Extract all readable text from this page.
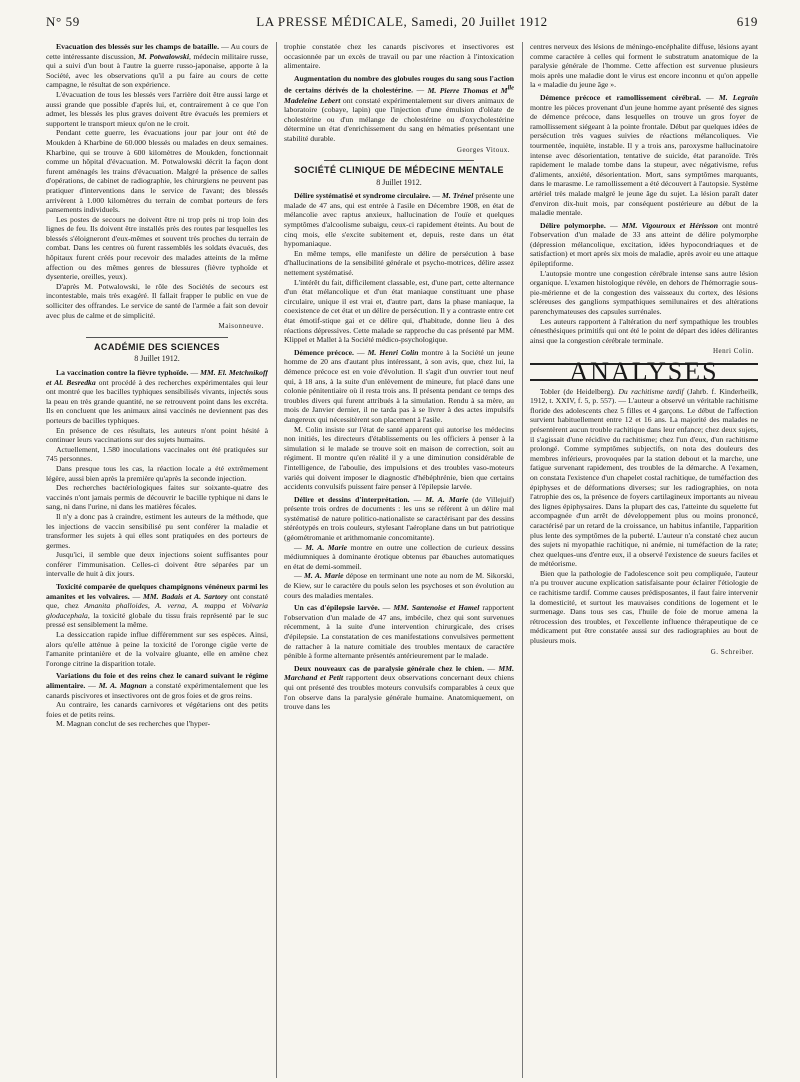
N° 59	LA PRESSE MÉDICALE, Samedi, 20 Juillet 1912	619

Evacuation des blessés sur les champs de bataille. — Au cours de cette intéressante discussion, M. Potwalowski, médecin militaire russe, qui a suivi d'un bout à l'autre la guerre russo-japonaise, apporte à la Société, avec les observations qu'il a pu faire au cours de cette campagne, le résultat de son expérience.

L'évacuation de tous les blessés vers l'arrière doit être aussi large et aussi grande que possible d'après lui, et, contrairement à ce que l'on admet, les blessés les plus graves doivent être évacués les premiers et supportent le transport mieux qu'on ne le croit.

Pendant cette guerre, les évacuations jour par jour ont été de Moukden à Kharbine de 60.000 blessés ou malades en deux semaines. Kharbine, qui se trouve à 600 kilomètres de Moukden, fonctionnait comme un hôpital d'évacuation. M. Potwalowski décrit la façon dont furent aménagés les trains d'évacuation. Malgré la présence de salles d'opérations, de cabinet de radiographie, les chirurgiens ne peuvent pas pratiquer d'interventions dans le service de l'avant; des blessés arrivèrent à 1.000 kilomètres du terrain de combat porteurs de fers pansements individuels.

Les postes de secours ne doivent être ni trop près ni trop loin des lignes de feu. Ils doivent être installés près des routes par lesquelles les blessés s'éloigneront d'eux-mêmes et souvent très proches du terrain de combat. Dans les centres où furent rassemblés les soldats évacués, des hôpitaux furent créés pour recevoir des malades atteints de la même affection ou des mêmes genres de blessures (fièvre typhoïde et dysenterie, oreilles, yeux).

D'après M. Potwalowski, le rôle des Sociétés de secours est incontestable, mais très exagéré. Il fallait frapper le public en vue de solliciter des offrandes. Le service de santé de l'armée a fait son devoir avec plus de calme et de simplicité.

Maisonneuve.

ACADÉMIE DES SCIENCES

8 Juillet 1912.

La vaccination contre la fièvre typhoïde. — MM. El. Metchnikoff et Al. Besredka ont procédé à des recherches expérimentales qui leur ont montré que les bacilles typhiques sensibilisés vivants, injectés sous la peau en très grande quantité, ne se retrouvent point dans les excréta. Ils en concluent que les animaux ainsi vaccinés ne deviennent pas des porteurs de bacilles typhiques.

En présence de ces résultats, les auteurs n'ont point hésité à continuer leurs vaccinations sur des sujets humains.

Actuellement, 1.580 inoculations vaccinales ont été pratiquées sur 745 personnes.

Dans presque tous les cas, la réaction locale a été extrêmement légère, aussi bien après la première qu'après la seconde injection.

Des recherches bactériologiques faites sur soixante-quatre des vaccinés n'ont jamais permis de découvrir le bacille typhique ni dans le sang, ni dans l'urine, ni dans les matières fécales.

Il n'y a donc pas à craindre, estiment les auteurs de la méthode, que les injections de vaccin sensibilisé pu sent conférer la maladie et transformer les sujets à qui elles sont pratiquées en des porteurs de germes.

Jusqu'ici, il semble que deux injections soient suffisantes pour conférer l'immunisation. Celles-ci doivent être séparées par un intervalle de huit à dix jours.

Toxicité comparée de quelques champignons vénéneux parmi les amanites et les volvaires. — MM. Badais et A. Sartory ont constaté que, chez Amanita phalloides, A. verna, A. mappa et Volvaria glodacephala, la toxicité globale du tissu frais représenté par le suc pressé est sensiblement la même.

La dessiccation rapide influe différemment sur ses espèces. Ainsi, alors qu'elle atténue à peine la toxicité de l'oronge cigüe verte de l'amanite printanière et de la volvaire gluante, elle en amène chez l'oronge citrine la disparition totale.

Variations du foie et des reins chez le canard suivant le régime alimentaire. — M. A. Magnan a constaté expérimentalement que les canards piscivores et insectivores ont de gros foies et de gros reins.

Au contraire, les canards carnivores et végétariens ont des petits foies et de petits reins.

M. Magnan conclut de ses recherches que l'hyper-

trophie constatée chez les canards piscivores et insectivores est occasionnée par un excès de travail ou par une réaction à l'intoxication alimentaire.

Augmentation du nombre des globules rouges du sang sous l'action de certains dérivés de la cholestérine. — M. Pierre Thomas et $M^{lle}$ Madeleine Lebert ont constaté expérimentalement sur divers animaux de laboratoire (cobaye, lapin) que l'injection d'une émulsion d'oléate de cholestérine ou d'un mélange de cholestérine ou d'oxycholestérine détermine un état d'enrichissement du sang en hématies présentant une stabilité durable.

Georges Vitoux.

SOCIÉTÉ CLINIQUE DE MÉDECINE MENTALE

8 Juillet 1912.

Délire systématisé et syndrome circulaire. — M. Trénel présente une malade de 47 ans, qui est entrée à l'asile en Décembre 1908, en état de mélancolie avec raptus anxieux, hallucination de l'ouïe et quelques symptômes d'alcoolisme subaigu, ceux-ci rapidement éteints. Au bout de cinq mois, elle s'excite subitement et, depuis, reste dans un état hypomaniaque.

En même temps, elle manifeste un délire de persécution à base d'hallucinations de la sensibilité générale et psycho-motrices, délire assez nettement systématisé.

L'intérêt du fait, difficilement classable, est, d'une part, cette alternance d'un état mélancolique et d'un état maniaque constituant une phase circulaire, unique il est vrai et, d'autre part, dans la phase maniaque, la coexistence de cet état et un délire de persécution. Il y a contraste entre cet état émotif-stique gai et ce délire qui, d'habitude, donne lieu à des réactions dépressives. Cette malade se rapproche du cas présenté par MM. Klippel et Mallet à la Société médico-psychologique.

Démence précoce. — M. Henri Colin montre à la Société un jeune homme de 20 ans d'autant plus intéressant, à son avis, que, chez lui, la démence précoce est en voie d'évolution. Il s'agit d'un ouvrier tout neuf qui, à 18 ans, à la suite d'un enlèvement de mineure, fut placé dans une colonie pénitentiaire où il resta trois ans. Il présenta pendant ce temps des troubles divers qui furent attribués à la simulation. Rendu à sa mère, au mois de Janvier dernier, il ne tarda pas à se livrer à des actes impulsifs dangereux qui nécessitèrent son placement à l'asile.

M. Colin insiste sur l'état de santé apparent qui autorise les médecins non initiés, les directeurs d'établissements ou les officiers à penser à la simulation si le malade se trouve soit en maison de correction, soit au régiment. Il montre qu'en réalité il y a une diminution considérable de l'intelligence, de l'aboulie, des impulsions et des troubles vaso-moteurs variés qui doivent imposer le diagnostic d'hébéphrénie, bien que certains accidents convulsifs puissent faire penser à l'épilepsie larvée.

Délire et dessins d'interprétation. — M. A. Marie (de Villejuif) présente trois ordres de documents : les uns se réfèrent à un délire mal systématisé de nature politico-nationaliste se caractérisant par des dessins stéréotypés en trois couleurs, stylesant l'aéroplane dans un but patriotique (géométromanie et arithmomanie concomitante).

— M. A. Marie montre en outre une collection de curieux dessins médiumniques à dominante érotique obtenus par ébauches automatiques en état de demi-sommeil.

— M. A. Marie dépose en terminant une note au nom de M. Sikorski, de Kiew, sur le caractère du pouls selon les psychoses et son évolution au cours des maladies mentales.

Un cas d'épilepsie larvée. — MM. Santenoise et Hamel rapportent l'observation d'un malade de 47 ans, imbécile, chez qui sont survenues récemment, à la suite d'une intervention chirurgicale, des crises d'épilepsie. La constatation de ces manifestations convulsives permettent de rattacher à la nature comitiale des troubles mentaux de caractère pénible à forme alternante présentés antérieurement par le malade.

Deux nouveaux cas de paralysie générale chez le chien. — MM. Marchand et Petit rapportent deux observations concernant deux chiens qui ont présenté des troubles moteurs convulsifs comparables à ceux que l'on observe dans la paralysie générale humaine. Anatomiquement, on trouve dans les

centres nerveux des lésions de méningo-encéphalite diffuse, lésions ayant comme caractère à celles qui forment le substratum anatomique de la paralysie générale de l'homme. Cette affection est survenue plusieurs mois après une maladie dont le virus est encore inconnu et qu'on appelle la « maladie du jeune âge ».

Démence précoce et ramollissement cérébral. — M. Legrain montre les pièces provenant d'un jeune homme ayant présenté des signes de démence précoce, dans lesquelles on trouve un gros foyer de ramollissement siégeant à la pointe frontale. Début par quelques idées de persécution très vagues suivies de réactions mélancoliques. Vie tourmentée, inquiète, instable. Il y a trois ans, paroxysme hallucinatoire intense avec désorientation, tentative de suicide, état paranoïde. Très rapidement le malade tombe dans la stupeur, avec négativisme, refus d'aliments, anxiété, désorientation. Mort, sans symptômes marquants, dans le marasme. Le ramollissement a été découvert à l'autopsie. Système artériel très malade malgré le jeune âge du sujet. La lésion paraît dater d'environ dix-huit mois, par conséquent postérieure au début de la maladie mentale.

Délire polymorphe. — MM. Vigouroux et Hérisson ont montré l'observation d'un malade de 33 ans atteint de délire polymorphe (dépression mélancolique, excitation, idées hypocondriaques et de satisfaction) et mort après six mois de maladie, après avoir eu une attaque épileptiforme.

L'autopsie montre une congestion cérébrale intense sans autre lésion organique. L'examen histologique révèle, en dehors de l'hémorragie sous-pie-mérienne et de la congestion des vaisseaux du cortex, des lésions scléreuses des ganglions sympathiques semilunaires et des altérations parenchymateuses des capsules surrénales.

Les auteurs rapportent à l'altération du nerf sympathique les troubles cénesthésiques primitifs qui ont été le point de départ des idées délirantes ainsi que la congestion cérébrale terminale.

Henri Colin.

ANALYSES

Tobler (de Heidelberg). Du rachitisme tardif (Jahrb. f. Kinderheilk, 1912, t. XXIV, f. 5, p. 557). — L'auteur a observé un véritable rachitisme floride des adolescents chez 5 filles et 4 garçons. Le début de l'affection survient habituellement entre 12 et 16 ans. La majorité des malades ne présentèrent aucun trouble rachitique dans leur enfance; chez deux sujets, il s'agissait d'une récidive du rachitisme; chez l'un d'eux, d'un rachitisme prolongé. Comme symptômes subjectifs, on nota des douleurs des membres inférieurs, provoquées par la station debout et la marche, une fatigue survenant rapidement, des troubles de la démarche. A l'examen, on constata l'existence d'un chapelet costal rachitique, de tuméfaction des épiphyses et de déformations diverses; sur les radiographies, on nota l'atrophie des os, la présence de foyers cartilagineux importants au niveau des lignes épiphysaires. Dans la plupart des cas, l'atteinte du squelette fut accompagnée d'un arrêt de développement plus ou moins prononcé, caractérisé par un retard de la croissance, un habitus infantile, l'apparition plus lente des symptômes de la puberté. L'auteur n'a constaté chez aucun des sujets ni myopathie rachitique, ni anémie, ni tuméfaction de la rate; chez quelques-uns d'entre eux, il a observé l'existence de sueurs faciles et de météorisme.

Bien que la pathologie de l'adolescence soit peu compliquée, l'auteur n'a pu trouver aucune explication satisfaisante pour éclairer l'étiologie de ce rachitisme tardif. Comme causes prédisposantes, il faut faire intervenir la domesticité, et surtout les mauvaises conditions de logement et le surmenage. Dans tous ses cas, l'huile de foie de morue amena la rétrocession des troubles, et l'excellente influence thérapeutique de ce médicament put être constatée aussi sur des radiographies au bout de plusieurs mois.

G. Schreiber.
